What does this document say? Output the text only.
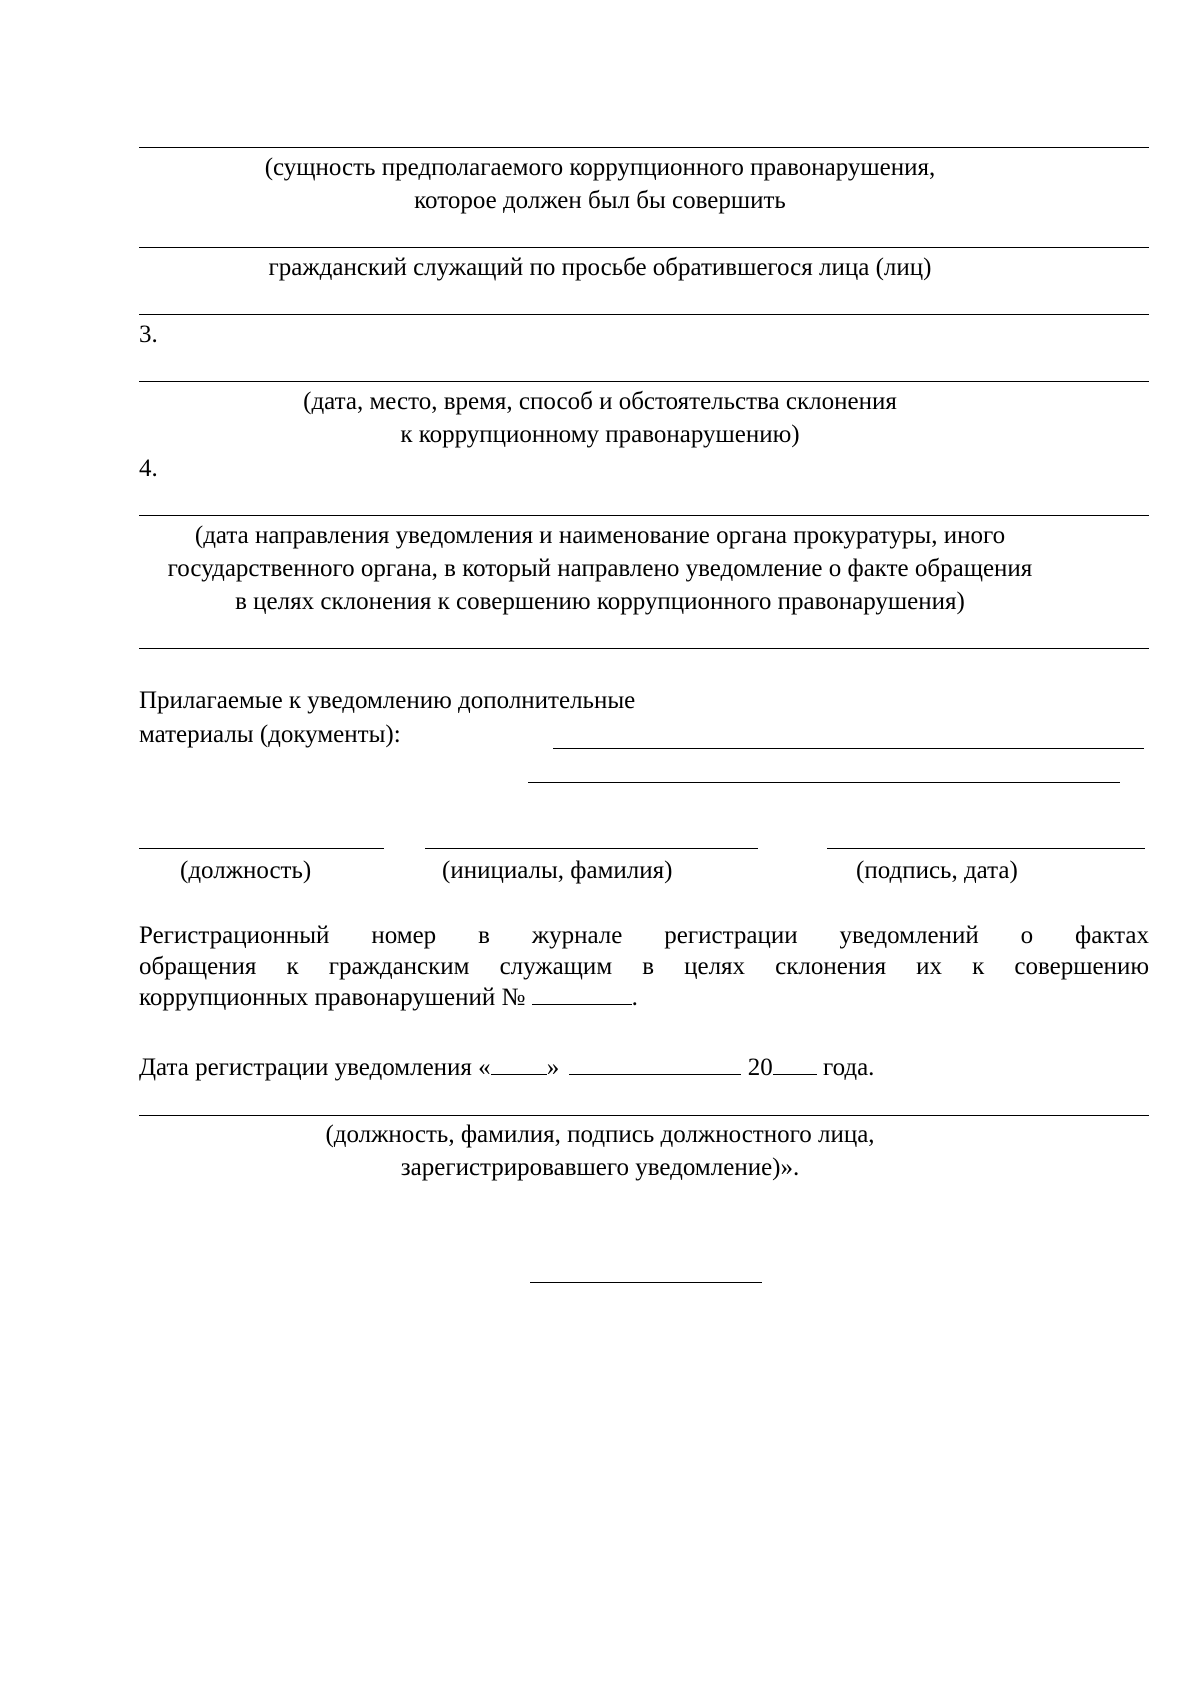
(сущность предполагаемого коррупционного правонарушения,
которое должен был бы совершить
гражданский служащий по просьбе обратившегося лица (лиц)
3.
(дата, место, время, способ и обстоятельства склонения
к коррупционному правонарушению)
4.
(дата направления уведомления и наименование органа прокуратуры, иного
государственного органа, в который направлено уведомление о факте обращения
в целях склонения к совершению коррупционного правонарушения)
Прилагаемые к уведомлению дополнительные
материалы (документы):
(должность)	(инициалы, фамилия)	(подпись, дата)
Регистрационный номер в журнале регистрации уведомлений о фактах
обращения к гражданским служащим в целях склонения их к совершению
коррупционных правонарушений №	.
Дата регистрации уведомления « »	20 года.
(должность, фамилия, подпись должностного лица,
зарегистрировавшего уведомление)».
